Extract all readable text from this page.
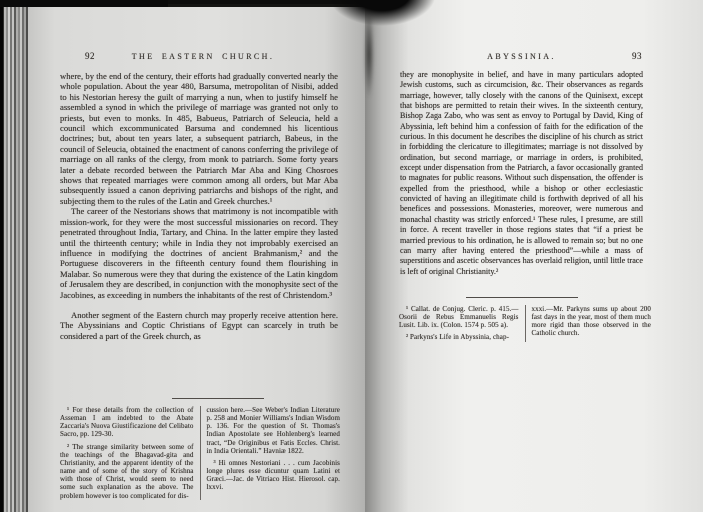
92	THE EASTERN CHURCH.

where, by the end of the century, their efforts had gradually converted nearly the whole population. About the year 480, Barsuma, metropolitan of Nisibi, added to his Nestorian heresy the guilt of marrying a nun, when to justify himself he assembled a synod in which the privilege of marriage was granted not only to priests, but even to monks. In 485, Babueus, Patriarch of Seleucia, held a council which excommunicated Barsuma and condemned his licentious doctrines; but, about ten years later, a subsequent patriarch, Babeus, in the council of Seleucia, obtained the enactment of canons conferring the privilege of marriage on all ranks of the clergy, from monk to patriarch. Some forty years later a debate recorded between the Patriarch Mar Aba and King Chosroes shows that repeated marriages were common among all orders, but Mar Aba subsequently issued a canon depriving patriarchs and bishops of the right, and subjecting them to the rules of the Latin and Greek churches.¹

The career of the Nestorians shows that matrimony is not incompatible with mission-work, for they were the most successful missionaries on record. They penetrated throughout India, Tartary, and China. In the latter empire they lasted until the thirteenth century; while in India they not improbably exercised an influence in modifying the doctrines of ancient Brahmanism,² and the Portuguese discoverers in the fifteenth century found them flourishing in Malabar. So numerous were they that during the existence of the Latin kingdom of Jerusalem they are described, in conjunction with the monophysite sect of the Jacobines, as exceeding in numbers the inhabitants of the rest of Christendom.³

Another segment of the Eastern church may properly receive attention here. The Abyssinians and Coptic Christians of Egypt can scarcely in truth be considered a part of the Greek church, as

¹ For these details from the collection of Asseman I am indebted to the Abate Zaccaria's Nuova Giustificazione del Celibato Sacro, pp. 129-30.

² The strange similarity between some of the teachings of the Bhagavad-gita and Christianity, and the apparent identity of the name and of some of the story of Krishna with those of Christ, would seem to need some such explanation as the above. The problem however is too complicated for dis-

cussion here.—See Weber's Indian Literature p. 258 and Monier Williams's Indian Wisdom p. 136. For the question of St. Thomas's Indian Apostolate see Hohlenberg's learned tract, “De Originibus et Fatis Eccles. Christ. in India Orientali.” Havniæ 1822.

³ Hi omnes Nestoriani . . . cum Jacobinis longe plures esse dicuntur quam Latini et Græci.—Jac. de Vitriaco Hist. Hierosol. cap. lxxvi.

ABYSSINIA.	93

they are monophysite in belief, and have in many particulars adopted Jewish customs, such as circumcision, &c. Their observances as regards marriage, however, tally closely with the canons of the Quinisext, except that bishops are permitted to retain their wives. In the sixteenth century, Bishop Zaga Zabo, who was sent as envoy to Portugal by David, King of Abyssinia, left behind him a confession of faith for the edification of the curious. In this document he describes the discipline of his church as strict in forbidding the clericature to illegitimates; marriage is not dissolved by ordination, but second marriage, or marriage in orders, is prohibited, except under dispensation from the Patriarch, a favor occasionally granted to magnates for public reasons. Without such dispensation, the offender is expelled from the priesthood, while a bishop or other ecclesiastic convicted of having an illegitimate child is forthwith deprived of all his benefices and possessions. Monasteries, moreover, were numerous and monachal chastity was strictly enforced.¹ These rules, I presume, are still in force. A recent traveller in those regions states that “if a priest be married previous to his ordination, he is allowed to remain so; but no one can marry after having entered the priesthood”—while a mass of superstitions and ascetic observances has overlaid religion, until little trace is left of original Christianity.²

¹ Callat. de Conjug. Cleric. p. 415.—Osorii de Rebus Emmanuelis Regis Lusit. Lib. ix. (Colon. 1574 p. 505 a).

² Parkyns's Life in Abyssinia, chap-

xxxi.—Mr. Parkyns sums up about 200 fast days in the year, most of them much more rigid than those observed in the Catholic church.
